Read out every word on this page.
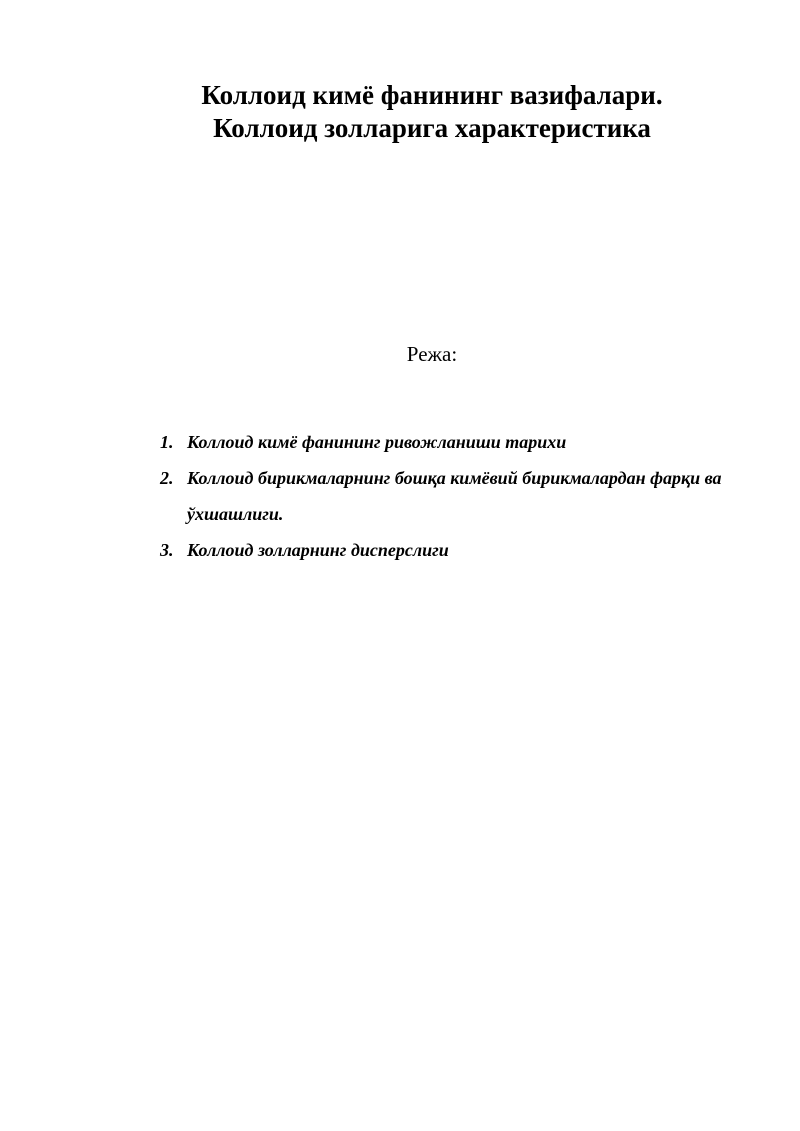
Коллоид кимё фанининг вазифалари.
Коллоид золларига характеристика

Режа:

1. Коллоид кимё фанининг ривожланиши тарихи
2. Коллоид бирикмаларнинг бошқа кимёвий бирикмалардан фарқи ва ўхшашлиги.
3. Коллоид золларнинг дисперслиги
